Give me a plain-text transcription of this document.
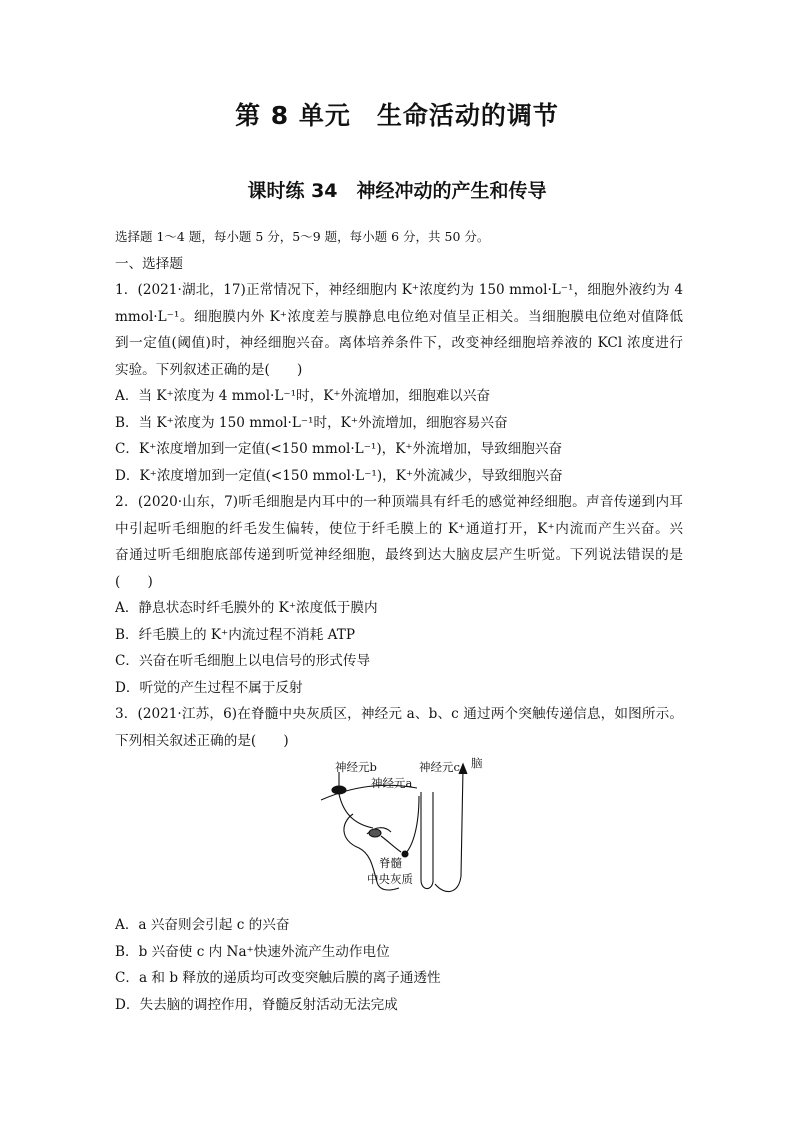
第 8 单元　生命活动的调节
课时练 34　神经冲动的产生和传导
选择题 1～4 题，每小题 5 分，5～9 题，每小题 6 分，共 50 分。
一、选择题
1．(2021·湖北，17)正常情况下，神经细胞内 K⁺浓度约为 150 mmol·L⁻¹，细胞外液约为 4
mmol·L⁻¹。细胞膜内外 K⁺浓度差与膜静息电位绝对值呈正相关。当细胞膜电位绝对值降低
到一定值(阈值)时，神经细胞兴奋。离体培养条件下，改变神经细胞培养液的 KCl 浓度进行
实验。下列叙述正确的是(　　)
A．当 K⁺浓度为 4 mmol·L⁻¹时，K⁺外流增加，细胞难以兴奋
B．当 K⁺浓度为 150 mmol·L⁻¹时，K⁺外流增加，细胞容易兴奋
C．K⁺浓度增加到一定值(<150 mmol·L⁻¹)，K⁺外流增加，导致细胞兴奋
D．K⁺浓度增加到一定值(<150 mmol·L⁻¹)，K⁺外流减少，导致细胞兴奋
2．(2020·山东，7)听毛细胞是内耳中的一种顶端具有纤毛的感觉神经细胞。声音传递到内耳
中引起听毛细胞的纤毛发生偏转，使位于纤毛膜上的 K⁺通道打开，K⁺内流而产生兴奋。兴
奋通过听毛细胞底部传递到听觉神经细胞，最终到达大脑皮层产生听觉。下列说法错误的是
(　　)
A．静息状态时纤毛膜外的 K⁺浓度低于膜内
B．纤毛膜上的 K⁺内流过程不消耗 ATP
C．兴奋在听毛细胞上以电信号的形式传导
D．听觉的产生过程不属于反射
3．(2021·江苏，6)在脊髓中央灰质区，神经元 a、b、c 通过两个突触传递信息，如图所示。
下列相关叙述正确的是(　　)
神经元b
神经元a
神经元c 脑
脊髓
中央灰质
A．a 兴奋则会引起 c 的兴奋
B．b 兴奋使 c 内 Na⁺快速外流产生动作电位
C．a 和 b 释放的递质均可改变突触后膜的离子通透性
D．失去脑的调控作用，脊髓反射活动无法完成
